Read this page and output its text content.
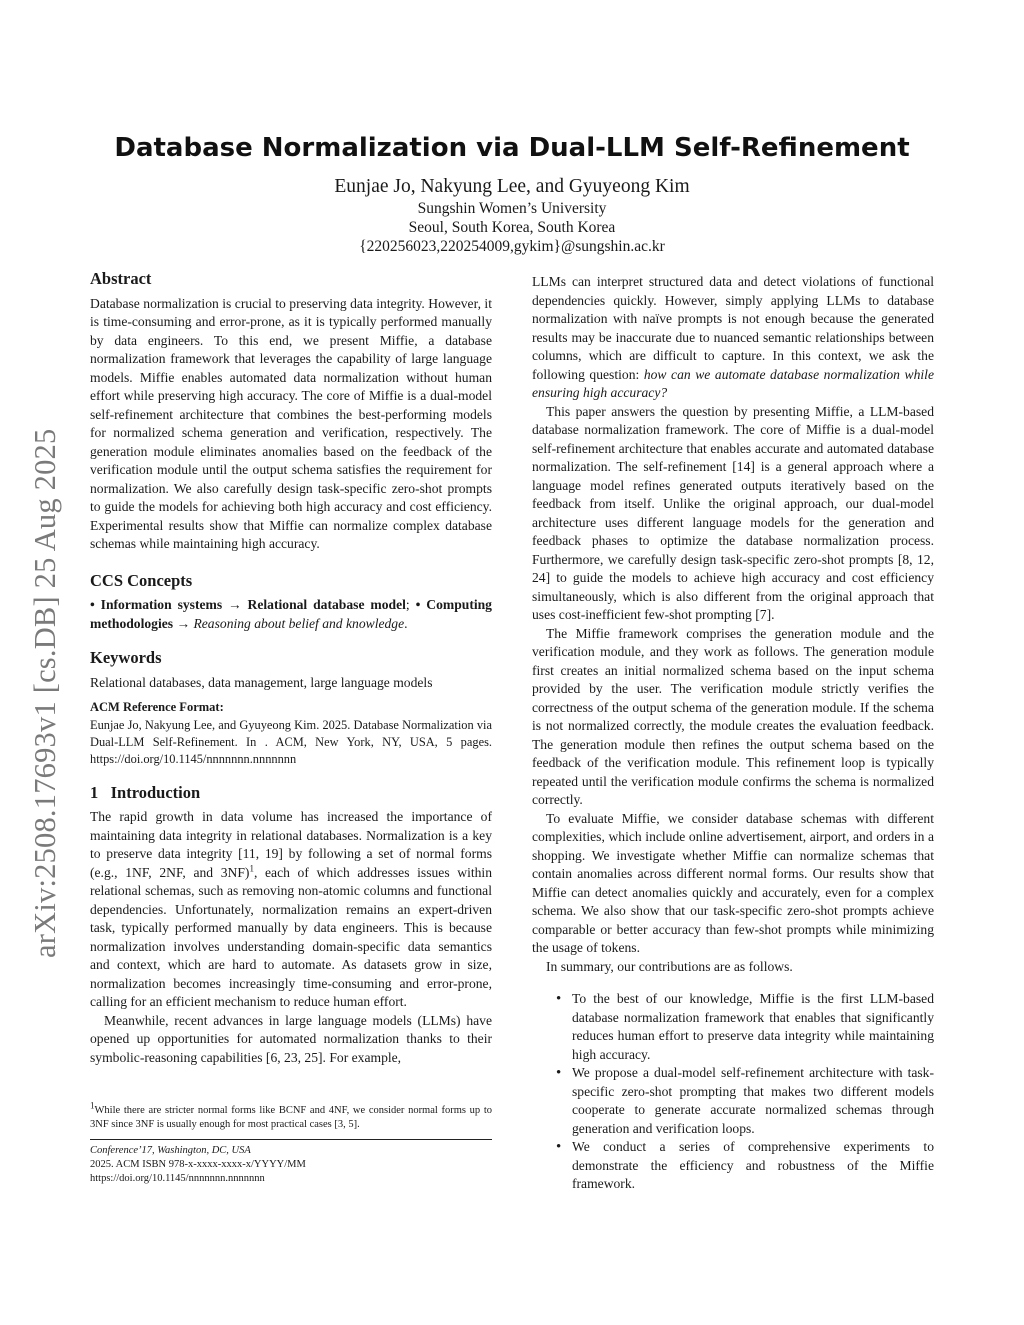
arXiv:2508.17693v1 [cs.DB] 25 Aug 2025
Database Normalization via Dual-LLM Self-Refinement
Eunjae Jo, Nakyung Lee, and Gyuyeong Kim
Sungshin Women’s University
Seoul, South Korea, South Korea
{220256023,220254009,gykim}@sungshin.ac.kr
Abstract

Database normalization is crucial to preserving data integrity. However, it is time-consuming and error-prone, as it is typically performed manually by data engineers. To this end, we present Miffie, a database normalization framework that leverages the capability of large language models. Miffie enables automated data normalization without human effort while preserving high accuracy. The core of Miffie is a dual-model self-refinement architecture that combines the best-performing models for normalized schema generation and verification, respectively. The generation module eliminates anomalies based on the feedback of the verification module until the output schema satisfies the requirement for normalization. We also carefully design task-specific zero-shot prompts to guide the models for achieving both high accuracy and cost efficiency. Experimental results show that Miffie can normalize complex database schemas while maintaining high accuracy.

CCS Concepts

• Information systems → Relational database model; • Computing methodologies → Reasoning about belief and knowledge.

Keywords

Relational databases, data management, large language models

ACM Reference Format:

Eunjae Jo, Nakyung Lee, and Gyuyeong Kim. 2025. Database Normalization via Dual-LLM Self-Refinement. In . ACM, New York, NY, USA, 5 pages. https://doi.org/10.1145/nnnnnnn.nnnnnnn

1   Introduction

The rapid growth in data volume has increased the importance of maintaining data integrity in relational databases. Normalization is a key to preserve data integrity [11, 19] by following a set of normal forms (e.g., 1NF, 2NF, and 3NF)$^1$, each of which addresses issues within relational schemas, such as removing non-atomic columns and functional dependencies. Unfortunately, normalization remains an expert-driven task, typically performed manually by data engineers. This is because normalization involves understanding domain-specific data semantics and context, which are hard to automate. As datasets grow in size, normalization becomes increasingly time-consuming and error-prone, calling for an efficient mechanism to reduce human effort.

Meanwhile, recent advances in large language models (LLMs) have opened up opportunities for automated normalization thanks to their symbolic-reasoning capabilities [6, 23, 25]. For example,

$^1$While there are stricter normal forms like BCNF and 4NF, we consider normal forms up to 3NF since 3NF is usually enough for most practical cases [3, 5].

Conference’17, Washington, DC, USA
2025. ACM ISBN 978-x-xxxx-xxxx-x/YYYY/MM
https://doi.org/10.1145/nnnnnnn.nnnnnnn

LLMs can interpret structured data and detect violations of functional dependencies quickly. However, simply applying LLMs to database normalization with naïve prompts is not enough because the generated results may be inaccurate due to nuanced semantic relationships between columns, which are difficult to capture. In this context, we ask the following question: how can we automate database normalization while ensuring high accuracy?

This paper answers the question by presenting Miffie, a LLM-based database normalization framework. The core of Miffie is a dual-model self-refinement architecture that enables accurate and automated database normalization. The self-refinement [14] is a general approach where a language model refines generated outputs iteratively based on the feedback from itself. Unlike the original approach, our dual-model architecture uses different language models for the generation and feedback phases to optimize the database normalization process. Furthermore, we carefully design task-specific zero-shot prompts [8, 12, 24] to guide the models to achieve high accuracy and cost efficiency simultaneously, which is also different from the original approach that uses cost-inefficient few-shot prompting [7].

The Miffie framework comprises the generation module and the verification module, and they work as follows. The generation module first creates an initial normalized schema based on the input schema provided by the user. The verification module strictly verifies the correctness of the output schema of the generation module. If the schema is not normalized correctly, the module creates the evaluation feedback. The generation module then refines the output schema based on the feedback of the verification module. This refinement loop is typically repeated until the verification module confirms the schema is normalized correctly.

To evaluate Miffie, we consider database schemas with different complexities, which include online advertisement, airport, and orders in a shopping. We investigate whether Miffie can normalize schemas that contain anomalies across different normal forms. Our results show that Miffie can detect anomalies quickly and accurately, even for a complex schema. We also show that our task-specific zero-shot prompts achieve comparable or better accuracy than few-shot prompts while minimizing the usage of tokens.

In summary, our contributions are as follows.

• To the best of our knowledge, Miffie is the first LLM-based database normalization framework that enables that significantly reduces human effort to preserve data integrity while maintaining high accuracy.
• We propose a dual-model self-refinement architecture with task-specific zero-shot prompting that makes two different models cooperate to generate accurate normalized schemas through generation and verification loops.
• We conduct a series of comprehensive experiments to demonstrate the efficiency and robustness of the Miffie framework.
